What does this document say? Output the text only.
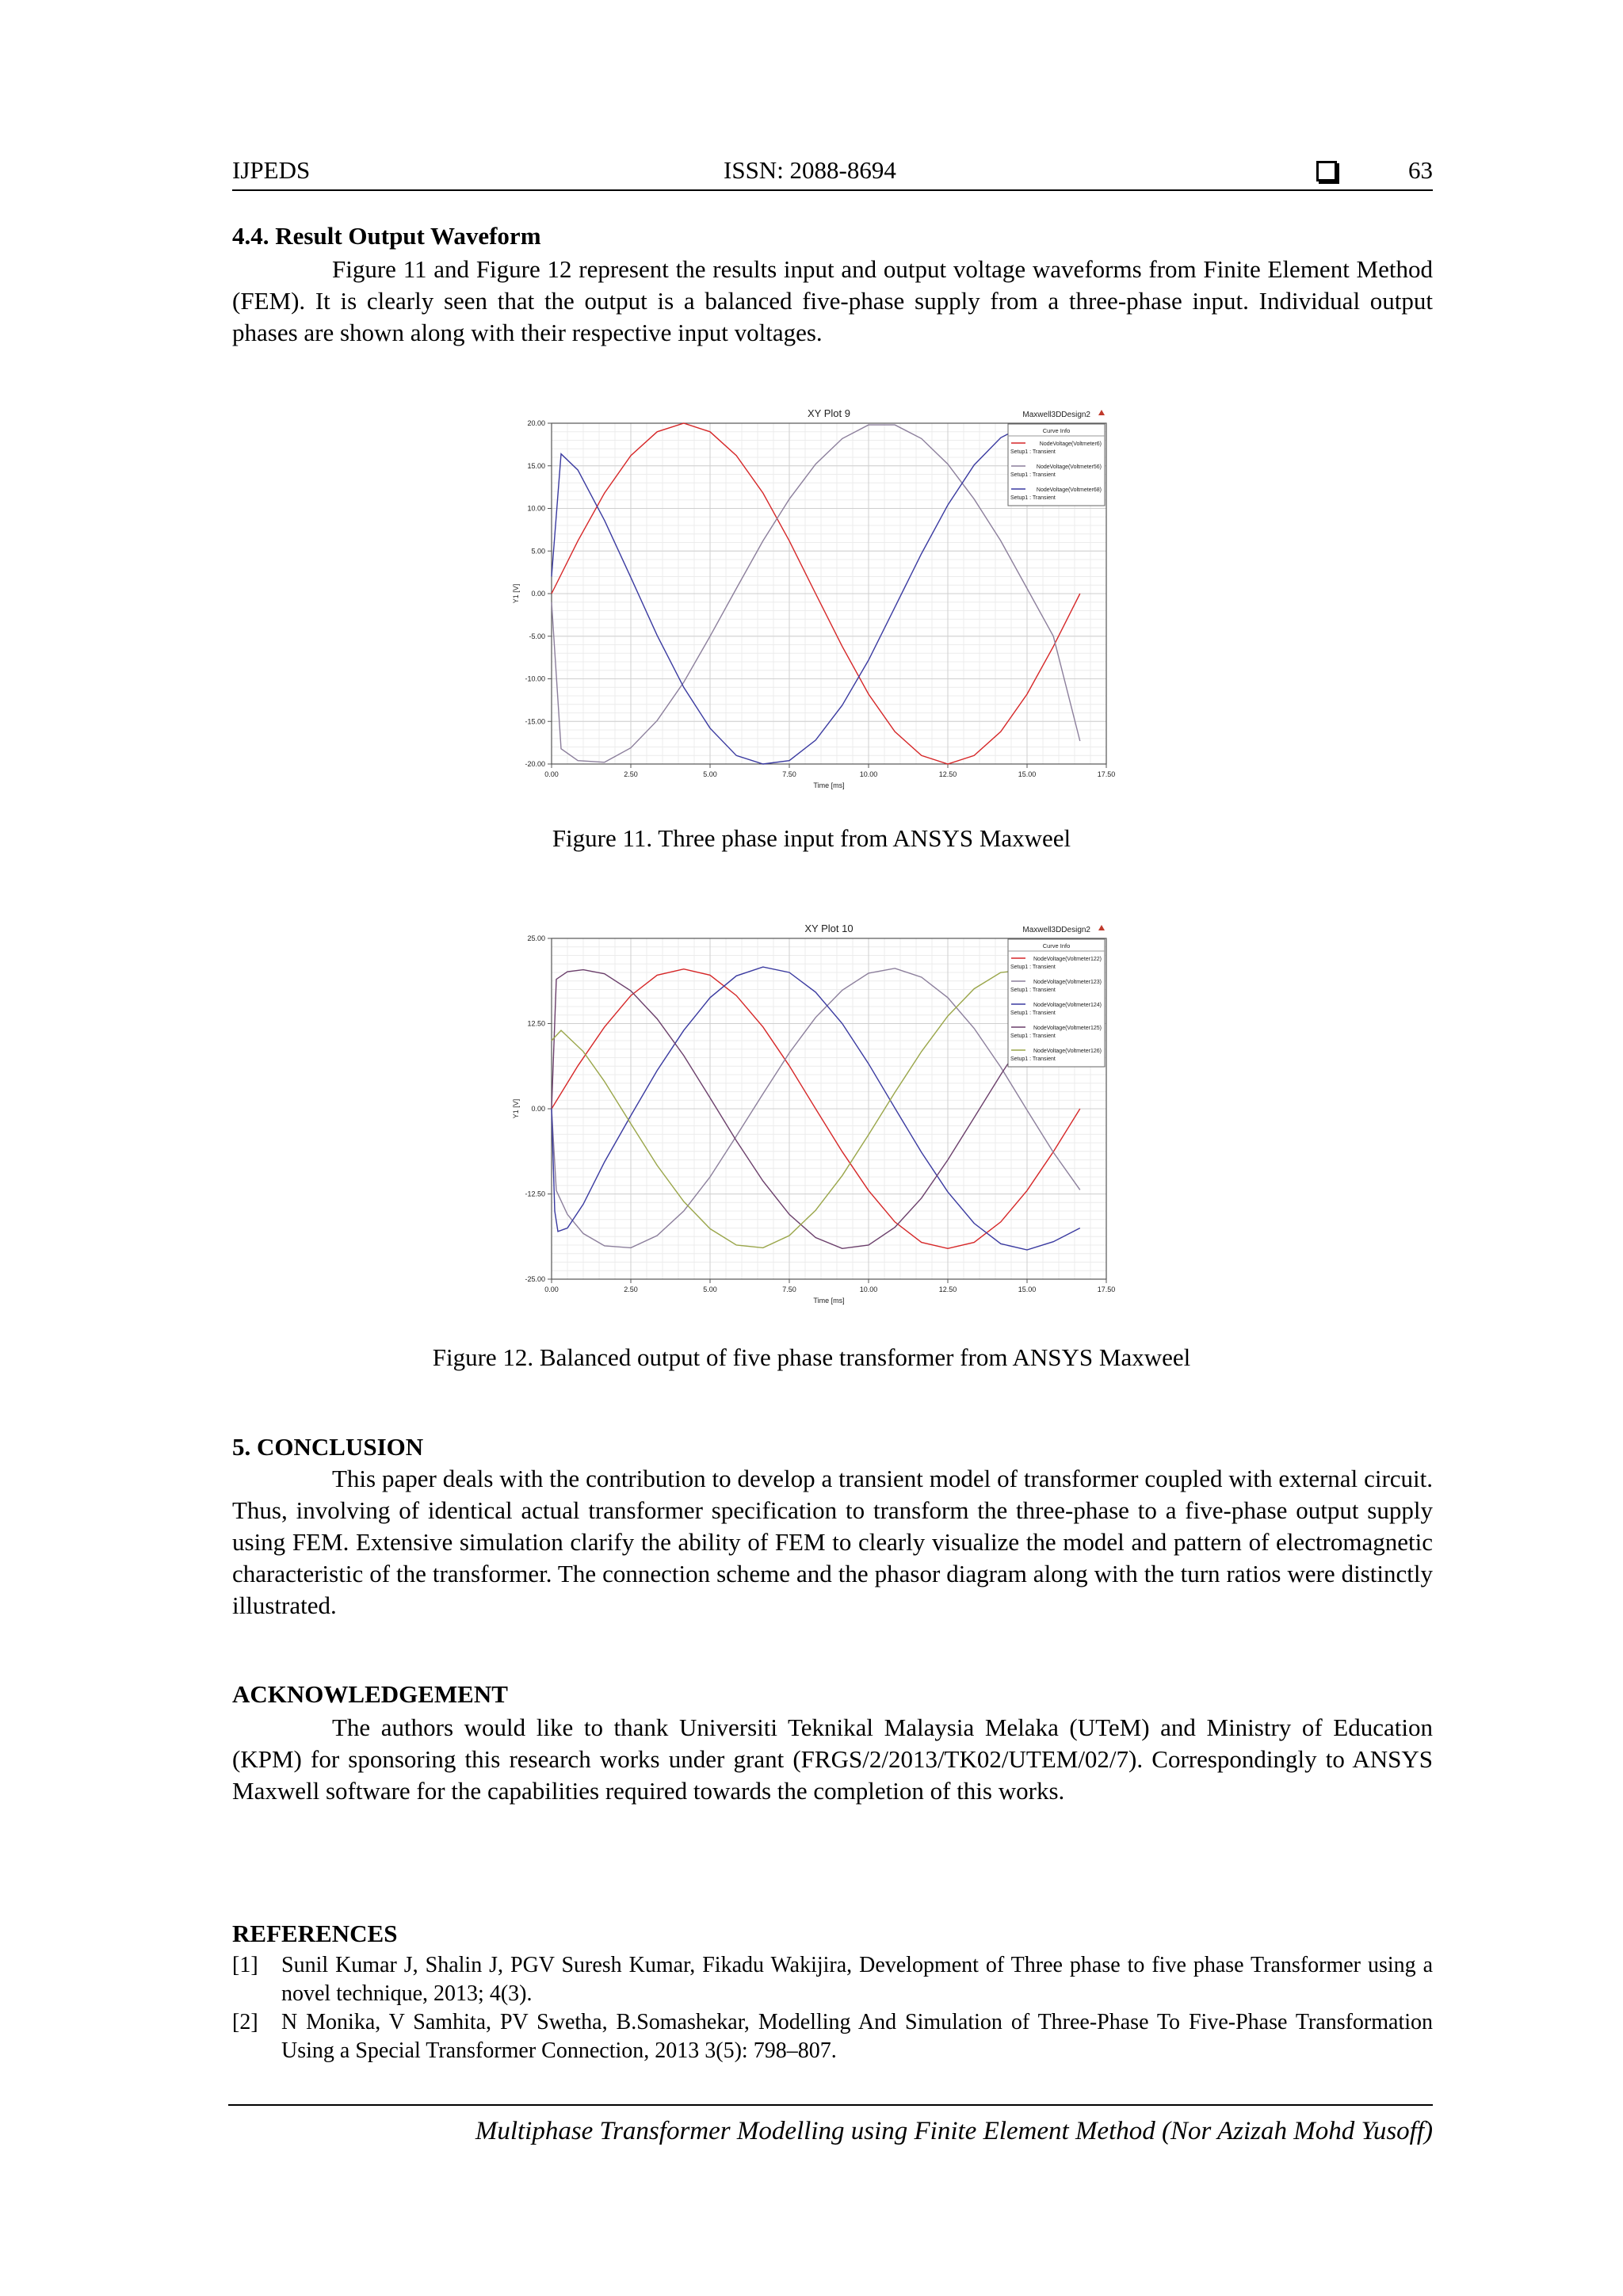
IJPEDS	ISSN: 2088-8694	63
4.4. Result Output Waveform

Figure 11 and Figure 12 represent the results input and output voltage waveforms from Finite Element Method (FEM). It is clearly seen that the output is a balanced five-phase supply from a three-phase input. Individual output phases are shown along with their respective input voltages.

0.00	2.50	5.00	7.50	10.00	12.50	15.00	17.50
20.00
15.00
10.00
5.00
0.00
-5.00
-10.00
-15.00
-20.00
XY Plot 9	Maxwell3DDesign2
Time [ms]
Y1 [V]
Curve Info
NodeVoltage(Voltmeter6)
Setup1 : Transient
NodeVoltage(Voltmeter56)
Setup1 : Transient
NodeVoltage(Voltmeter68)
Setup1 : Transient
Figure 11. Three phase input from ANSYS Maxweel
0.00	2.50	5.00	7.50	10.00	12.50	15.00	17.50
25.00
12.50
0.00
-12.50
-25.00
XY Plot 10	Maxwell3DDesign2
Time [ms]
Y1 [V]
Curve Info
NodeVoltage(Voltmeter122)
Setup1 : Transient
NodeVoltage(Voltmeter123)
Setup1 : Transient
NodeVoltage(Voltmeter124)
Setup1 : Transient
NodeVoltage(Voltmeter125)
Setup1 : Transient
NodeVoltage(Voltmeter126)
Setup1 : Transient
Figure 12. Balanced output of five phase transformer from ANSYS Maxweel
5. CONCLUSION

This paper deals with the contribution to develop a transient model of transformer coupled with external circuit. Thus, involving of identical actual transformer specification to transform the three-phase to a five-phase output supply using FEM. Extensive simulation clarify the ability of FEM to clearly visualize the model and pattern of electromagnetic characteristic of the transformer. The connection scheme and the phasor diagram along with the turn ratios were distinctly illustrated.

ACKNOWLEDGEMENT

The authors would like to thank Universiti Teknikal Malaysia Melaka (UTeM) and Ministry of Education (KPM) for sponsoring this research works under grant (FRGS/2/2013/TK02/UTEM/02/7). Correspondingly to ANSYS Maxwell software for the capabilities required towards the completion of this works.

REFERENCES
[1] Sunil Kumar J, Shalin J, PGV Suresh Kumar, Fikadu Wakijira, Development of Three phase to five phase Transformer using a novel technique, 2013; 4(3).
[2] N Monika, V Samhita, PV Swetha, B.Somashekar, Modelling And Simulation of Three-Phase To Five-Phase Transformation Using a Special Transformer Connection, 2013 3(5): 798–807.
Multiphase Transformer Modelling using Finite Element Method (Nor Azizah Mohd Yusoff)
